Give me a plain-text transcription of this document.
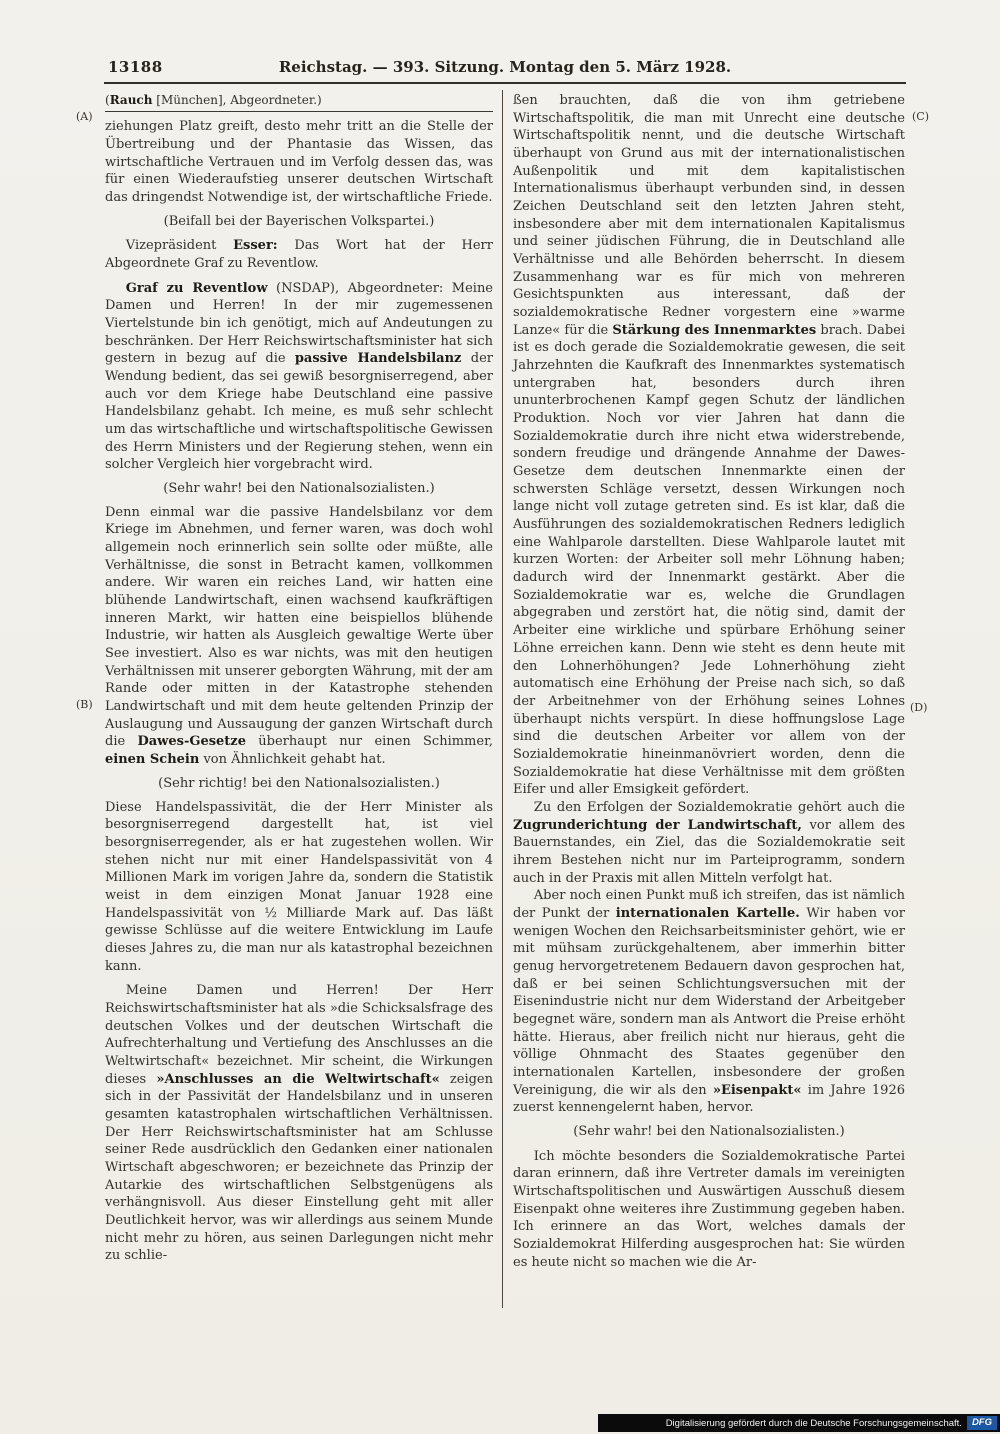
13188	Reichstag. — 393. Sitzung. Montag den 5. März 1928.
(A)
(B)
(C)
(D)
(Rauch [München], Abgeordneter.)
ziehungen Platz greift, desto mehr tritt an die Stelle der Übertreibung und der Phantasie das Wissen, das wirtschaftliche Vertrauen und im Verfolg dessen das, was für einen Wiederaufstieg unserer deutschen Wirtschaft das dringendst Notwendige ist, der wirtschaftliche Friede.
(Beifall bei der Bayerischen Volkspartei.)
Vizepräsident Esser: Das Wort hat der Herr Abgeordnete Graf zu Reventlow.
Graf zu Reventlow (NSDAP), Abgeordneter: Meine Damen und Herren! In der mir zugemessenen Viertelstunde bin ich genötigt, mich auf Andeutungen zu beschränken. Der Herr Reichswirtschaftsminister hat sich gestern in bezug auf die passive Handelsbilanz der Wendung bedient, das sei gewiß besorgniserregend, aber auch vor dem Kriege habe Deutschland eine passive Handelsbilanz gehabt. Ich meine, es muß sehr schlecht um das wirtschaftliche und wirtschaftspolitische Gewissen des Herrn Ministers und der Regierung stehen, wenn ein solcher Vergleich hier vorgebracht wird.
(Sehr wahr! bei den Nationalsozialisten.)
Denn einmal war die passive Handelsbilanz vor dem Kriege im Abnehmen, und ferner waren, was doch wohl allgemein noch erinnerlich sein sollte oder müßte, alle Verhältnisse, die sonst in Betracht kamen, vollkommen andere. Wir waren ein reiches Land, wir hatten eine blühende Landwirtschaft, einen wachsend kaufkräftigen inneren Markt, wir hatten eine beispiellos blühende Industrie, wir hatten als Ausgleich gewaltige Werte über See investiert. Also es war nichts, was mit den heutigen Verhältnissen mit unserer geborgten Währung, mit der am Rande oder mitten in der Katastrophe stehenden Landwirtschaft und mit dem heute geltenden Prinzip der Auslaugung und Aussaugung der ganzen Wirtschaft durch die Dawes-Gesetze überhaupt nur einen Schimmer, einen Schein von Ähnlichkeit gehabt hat.
(Sehr richtig! bei den Nationalsozialisten.)
Diese Handelspassivität, die der Herr Minister als besorgniserregend dargestellt hat, ist viel besorgniserregender, als er hat zugestehen wollen. Wir stehen nicht nur mit einer Handelspassivität von 4 Millionen Mark im vorigen Jahre da, sondern die Statistik weist in dem einzigen Monat Januar 1928 eine Handelspassivität von ½ Milliarde Mark auf. Das läßt gewisse Schlüsse auf die weitere Entwicklung im Laufe dieses Jahres zu, die man nur als katastrophal bezeichnen kann.
Meine Damen und Herren! Der Herr Reichswirtschaftsminister hat als »die Schicksalsfrage des deutschen Volkes und der deutschen Wirtschaft die Aufrechterhaltung und Vertiefung des Anschlusses an die Weltwirtschaft« bezeichnet. Mir scheint, die Wirkungen dieses »Anschlusses an die Weltwirtschaft« zeigen sich in der Passivität der Handelsbilanz und in unseren gesamten katastrophalen wirtschaftlichen Verhältnissen. Der Herr Reichswirtschaftsminister hat am Schlusse seiner Rede ausdrücklich den Gedanken einer nationalen Wirtschaft abgeschworen; er bezeichnete das Prinzip der Autarkie des wirtschaftlichen Selbstgenügens als verhängnisvoll. Aus dieser Einstellung geht mit aller Deutlichkeit hervor, was wir allerdings aus seinem Munde nicht mehr zu hören, aus seinen Darlegungen nicht mehr zu schlie-
ßen brauchten, daß die von ihm getriebene Wirtschaftspolitik, die man mit Unrecht eine deutsche Wirtschaftspolitik nennt, und die deutsche Wirtschaft überhaupt von Grund aus mit der internationalistischen Außenpolitik und mit dem kapitalistischen Internationalismus überhaupt verbunden sind, in dessen Zeichen Deutschland seit den letzten Jahren steht, insbesondere aber mit dem internationalen Kapitalismus und seiner jüdischen Führung, die in Deutschland alle Verhältnisse und alle Behörden beherrscht. In diesem Zusammenhang war es für mich von mehreren Gesichtspunkten aus interessant, daß der sozialdemokratische Redner vorgestern eine »warme Lanze« für die Stärkung des Innenmarktes brach. Dabei ist es doch gerade die Sozialdemokratie gewesen, die seit Jahrzehnten die Kaufkraft des Innenmarktes systematisch untergraben hat, besonders durch ihren ununterbrochenen Kampf gegen Schutz der ländlichen Produktion. Noch vor vier Jahren hat dann die Sozialdemokratie durch ihre nicht etwa widerstrebende, sondern freudige und drängende Annahme der Dawes-Gesetze dem deutschen Innenmarkte einen der schwersten Schläge versetzt, dessen Wirkungen noch lange nicht voll zutage getreten sind. Es ist klar, daß die Ausführungen des sozialdemokratischen Redners lediglich eine Wahlparole darstellten. Diese Wahlparole lautet mit kurzen Worten: der Arbeiter soll mehr Löhnung haben; dadurch wird der Innenmarkt gestärkt. Aber die Sozialdemokratie war es, welche die Grundlagen abgegraben und zerstört hat, die nötig sind, damit der Arbeiter eine wirkliche und spürbare Erhöhung seiner Löhne erreichen kann. Denn wie steht es denn heute mit den Lohnerhöhungen? Jede Lohnerhöhung zieht automatisch eine Erhöhung der Preise nach sich, so daß der Arbeitnehmer von der Erhöhung seines Lohnes überhaupt nichts verspürt. In diese hoffnungslose Lage sind die deutschen Arbeiter vor allem von der Sozialdemokratie hineinmanövriert worden, denn die Sozialdemokratie hat diese Verhältnisse mit dem größten Eifer und aller Emsigkeit gefördert.
Zu den Erfolgen der Sozialdemokratie gehört auch die Zugrunderichtung der Landwirtschaft, vor allem des Bauernstandes, ein Ziel, das die Sozialdemokratie seit ihrem Bestehen nicht nur im Parteiprogramm, sondern auch in der Praxis mit allen Mitteln verfolgt hat.
Aber noch einen Punkt muß ich streifen, das ist nämlich der Punkt der internationalen Kartelle. Wir haben vor wenigen Wochen den Reichsarbeitsminister gehört, wie er mit mühsam zurückgehaltenem, aber immerhin bitter genug hervorgetretenem Bedauern davon gesprochen hat, daß er bei seinen Schlichtungsversuchen mit der Eisenindustrie nicht nur dem Widerstand der Arbeitgeber begegnet wäre, sondern man als Antwort die Preise erhöht hätte. Hieraus, aber freilich nicht nur hieraus, geht die völlige Ohnmacht des Staates gegenüber den internationalen Kartellen, insbesondere der großen Vereinigung, die wir als den »Eisenpakt« im Jahre 1926 zuerst kennengelernt haben, hervor.
(Sehr wahr! bei den Nationalsozialisten.)
Ich möchte besonders die Sozialdemokratische Partei daran erinnern, daß ihre Vertreter damals im vereinigten Wirtschaftspolitischen und Auswärtigen Ausschuß diesem Eisenpakt ohne weiteres ihre Zustimmung gegeben haben. Ich erinnere an das Wort, welches damals der Sozialdemokrat Hilferding ausgesprochen hat: Sie würden es heute nicht so machen wie die Ar-
Digitalisierung gefördert durch die Deutsche Forschungsgemeinschaft.	DFG
